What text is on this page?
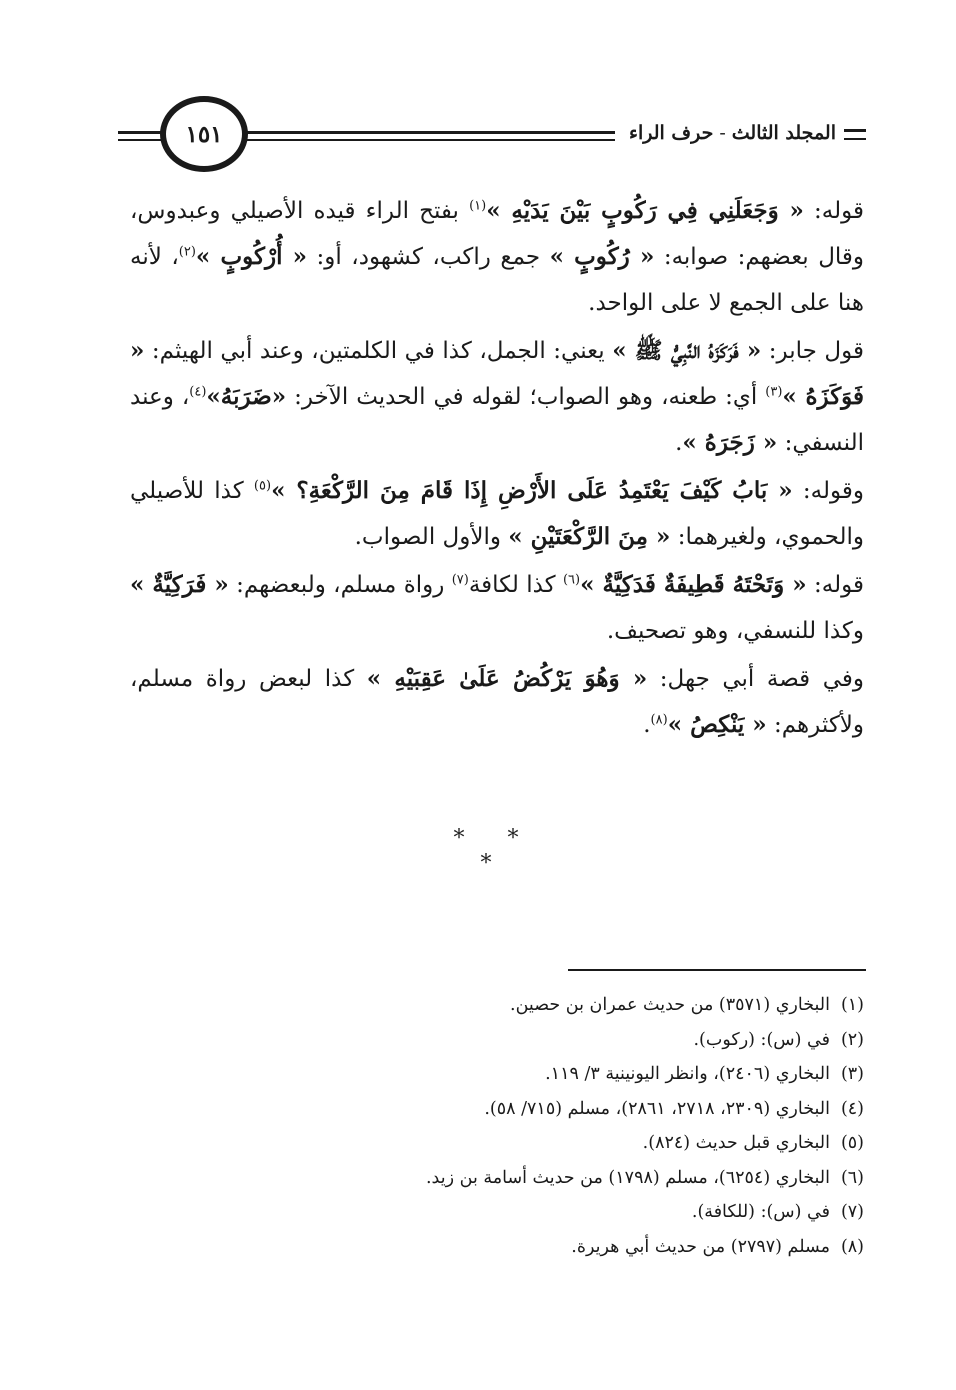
المجلد الثالث-حرف الراء
١٥١

قوله: « وَجَعَلَنِي فِي رَكُوبٍ بَيْنَ يَدَيْهِ »$^{(١)}$ بفتح الراء قيده الأصيلي وعبدوس، وقال بعضهم: صوابه: « رُكُوبٍ » جمع راكب، كشهود، أو: « أُرْكُوبٍ »$^{(٢)}$، لأنه هنا على الجمع لا على الواحد.

قول جابر: « فَرَكَزَهُ النَّبِيُّ ﷺ » يعني: الجمل، كذا في الكلمتين، وعند أبي الهيثم: « فَوَكَزَهُ »$^{(٣)}$ أي: طعنه، وهو الصواب؛ لقوله في الحديث الآخر: «ضَرَبَهُ»$^{(٤)}$، وعند النسفي: « زَجَرَهُ ».

وقوله: « بَابُ كَيْفَ يَعْتَمِدُ عَلَى الأَرْضِ إِذَا قَامَ مِنَ الرَّكْعَةِ؟ »$^{(٥)}$ كذا للأصيلي والحموي، ولغيرهما: « مِنَ الرَّكْعَتَيْنِ » والأول الصواب.

قوله: « وَتَحْتَهُ قَطِيفَةٌ فَدَكِيَّةٌ »$^{(٦)}$ كذا لكافة$^{(٧)}$ رواة مسلم، ولبعضهم: « فَرَكِيَّةٌ » وكذا للنسفي، وهو تصحيف.

وفي قصة أبي جهل: « وَهُوَ يَرْكُضُ عَلَىٰ عَقِبَيْهِ » كذا لبعض رواة مسلم، ولأكثرهم: « يَنْكِصُ »$^{(٨)}$.

* * *
(١)البخاري (٣٥٧١) من حديث عمران بن حصين.
(٢)في (س): (ركوب).
(٣)البخاري (٢٤٠٦)، وانظر اليونينية ٣/ ١١٩.
(٤)البخاري (٢٣٠٩، ٢٧١٨، ٢٨٦١)، مسلم (٧١٥/ ٥٨).
(٥)البخاري قبل حديث (٨٢٤).
(٦)البخاري (٦٢٥٤)، مسلم (١٧٩٨) من حديث أسامة بن زيد.
(٧)في (س): (للكافة).
(٨)مسلم (٢٧٩٧) من حديث أبي هريرة.
